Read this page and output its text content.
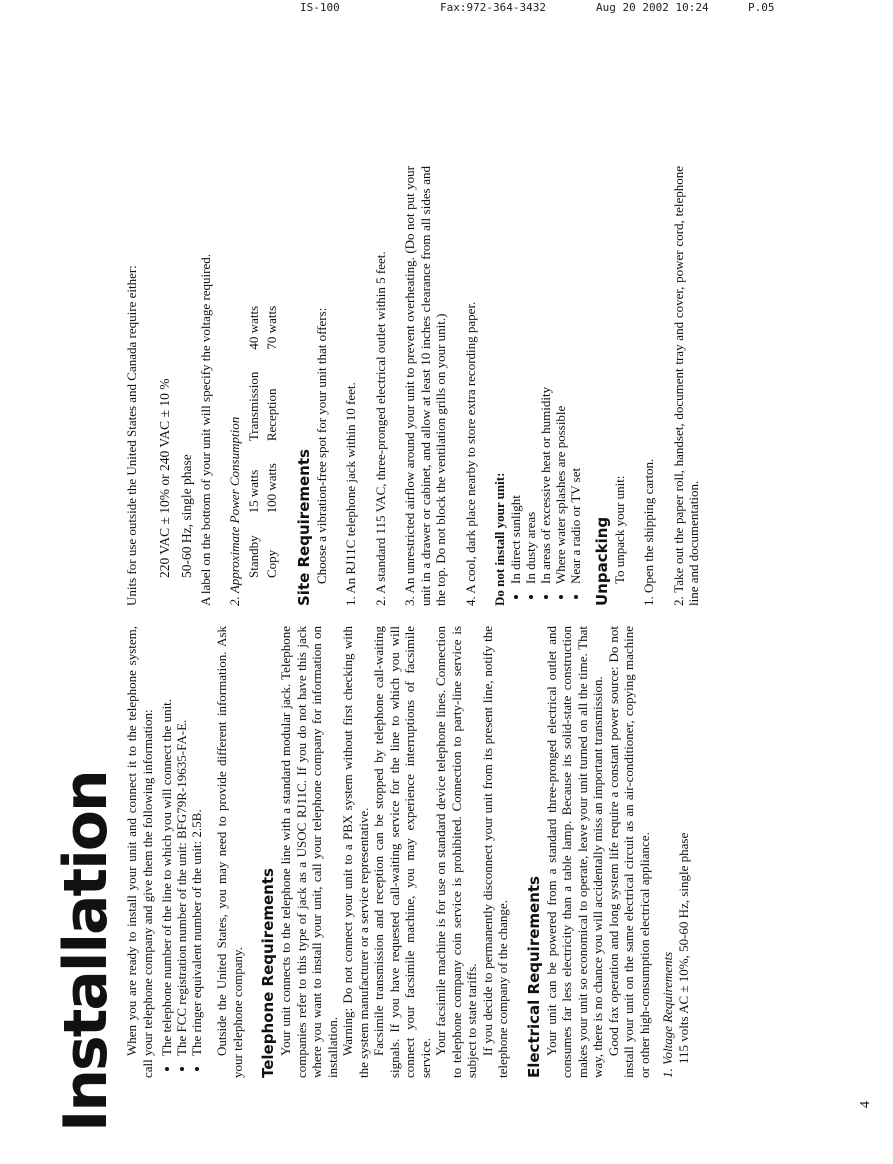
IS-100	Fax:972-364-3432	Aug 20 2002 10:24	P.05
Installation When you are ready to install your unit and connect it to the telephone system, call your telephone company and give them the following information: • The telephone number of the line to which you will connect the unit. • The FCC registration number of the unit: BFG79R-19635-FA-E. • The ringer equivalent number of the unit: 2.5B. Outside the United States, you may need to provide different information. Ask your telephone company. Telephone Requirements Your unit connects to the telephone line with a standard modular jack. Telephone companies refer to this type of jack as a USOC RJ11C. If you do not have this jack where you want to install your unit, call your telephone company for information on installation. Warning: Do not connect your unit to a PBX system without first checking with the system manufacturer or a service representative. Facsimile transmission and reception can be stopped by telephone call-waiting signals. If you have requested call-waiting service for the line to which you will connect your facsimile machine, you may experience interruptions of facsimile service.

Your facsimile machine is for use on standard device telephone lines. Connection to telephone company coin service is prohibited. Connection to party-line service is subject to state tariffs. If you decide to permanently disconnect your unit from its present line, notify the telephone company of the change. Electrical Requirements Your unit can be powered from a standard three-pronged electrical outlet and consumes far less electricity than a table lamp. Because its solid-state construction makes your unit so economical to operate, leave your unit turned on all the time. That way, there is no chance you will accidentally miss an important transmission. Good fax operation and long system life require a constant power source: Do not install your unit on the same electrical circuit as an air-conditioner, copying machine or other high-consumption electrical appliance. 1. Voltage Requirements 115 volts AC ± 10%, 50-60 Hz, single phase

Units for use outside the United States and Canada require either: 220 VAC ± 10% or 240 VAC ± 10 % 50-60 Hz, single phase A label on the bottom of your unit will specify the voltage required. 2. Approximate Power Consumption Standby	15 watts	Transmission	40 watts
Copy	100 watts	Reception	70 watts
Site Requirements Choose a vibration-free spot for your unit that offers: 1. An RJ11C telephone jack within 10 feet. 2. A standard 115 VAC, three-pronged electrical outlet within 5 feet. 3. An unrestricted airflow around your unit to prevent overheating. (Do not put your unit in a drawer or cabinet, and allow at least 10 inches clearance from all sides and the top. Do not block the ventilation grills on your unit.) 4. A cool, dark place nearby to store extra recording paper. Do not install your unit: • In direct sunlight • In dusty areas • In areas of excessive heat or humidity • Where water splashes are possible • Near a radio or TV set Unpacking To unpack your unit: 1. Open the shipping carton. 2. Take out the paper roll, handset, document tray and cover, power cord, telephone line and documentation.

4
